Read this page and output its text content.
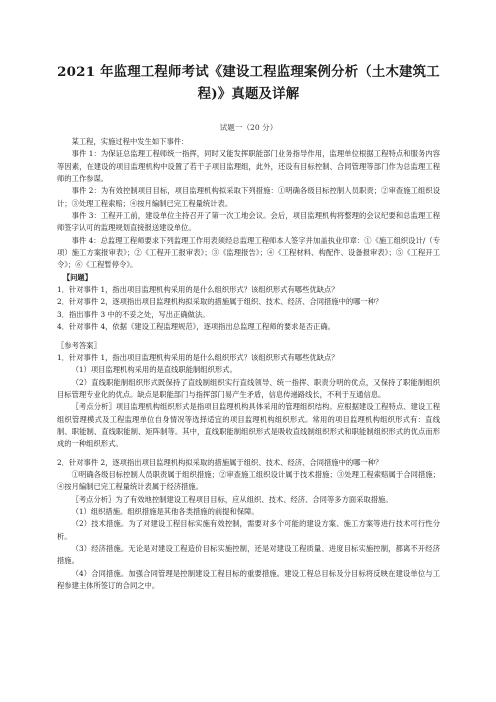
2021 年监理工程师考试《建设工程监理案例分析（土木建筑工
程)》真题及详解
试题一（20 分）

某工程，实施过程中发生如下事件：

事件 1：为保证总监理工程师统一指挥，同时又能发挥职能部门业务指导作用，监理单位根据工程特点和服务内容等因素，在建设的项目监理机构中设置了若干子项目监理组，此外，还设有目标控制、合同管理等部门作为总监理工程师的工作参谋。

事件 2：为有效控制项目目标，项目监理机构拟采取下列措施：①明确各级目标控制人员职责；②审查施工组织设计；③处理工程索赔；④按月编制已完工程量统计表。

事件 3：工程开工前，建设单位主持召开了第一次工地会议。会后，项目监理机构将整理的会议纪要和总监理工程师签字认可的监理规划直接报送建设单位。

事件 4：总监理工程师要求下列监理工作用表须经总监理工程师本人签字并加盖执业印章：①《施工组织设计/（专项）施工方案报审表》；②《工程开工报审表》；③《监理报告》；④《工程材料、构配件、设备报审表》；⑤《工程开工令》；⑥《工程暂停令》。

【问题】

1．针对事件 1，指出项目监理机构采用的是什么组织形式？该组织形式有哪些优缺点？

2．针对事件 2，逐项指出项目监理机构拟采取的措施属于组织、技术、经济、合同措施中的哪一种？

3．指出事件 3 中的不妥之处，写出正确做法。

4．针对事件 4，依据《建设工程监理规范》，逐项指出总监理工程师的要求是否正确。

〖参考答案〗

1．针对事件 1，指出项目监理机构采用的是什么组织形式？该组织形式有哪些优缺点？

（1）项目监理机构采用的是直线职能制组织形式。

（2）直线职能制组织形式既保持了直线制组织实行直线领导、统一指挥、职责分明的优点，又保持了职能制组织目标管理专业化的优点。缺点是职能部门与指挥部门易产生矛盾，信息传递路线长，不利于互通信息。

〖考点分析〗项目监理机构组织形式是指项目监理机构具体采用的管理组织结构。应根据建设工程特点、建设工程组织管理模式及工程监理单位自身情况等选择适宜的项目监理机构组织形式。常用的项目监理机构组织形式有：直线制、职能制、直线职能制、矩阵制等。其中，直线职能制组织形式是吸收直线制组织形式和职能制组织形式的优点而形成的一种组织形式。

2．针对事件 2，逐项指出项目监理机构拟采取的措施属于组织、技术、经济、合同措施中的哪一种？

①明确各级目标控制人员职责属于组织措施；②审查施工组织设计属于技术措施；③处理工程索赔属于合同措施；④按月编制已完工程量统计表属于经济措施。

〖考点分析〗为了有效地控制建设工程项目目标，应从组织、技术、经济、合同等多方面采取措施。

（1）组织措施。组织措施是其他各类措施的前提和保障。

（2）技术措施。为了对建设工程目标实施有效控制，需要对多个可能的建设方案、施工方案等进行技术可行性分析。

（3）经济措施。无论是对建设工程造价目标实施控制，还是对建设工程质量、进度目标实施控制，都离不开经济措施。

（4）合同措施。加强合同管理是控制建设工程目标的重要措施。建设工程总目标及分目标将反映在建设单位与工程参建主体所签订的合同之中。
